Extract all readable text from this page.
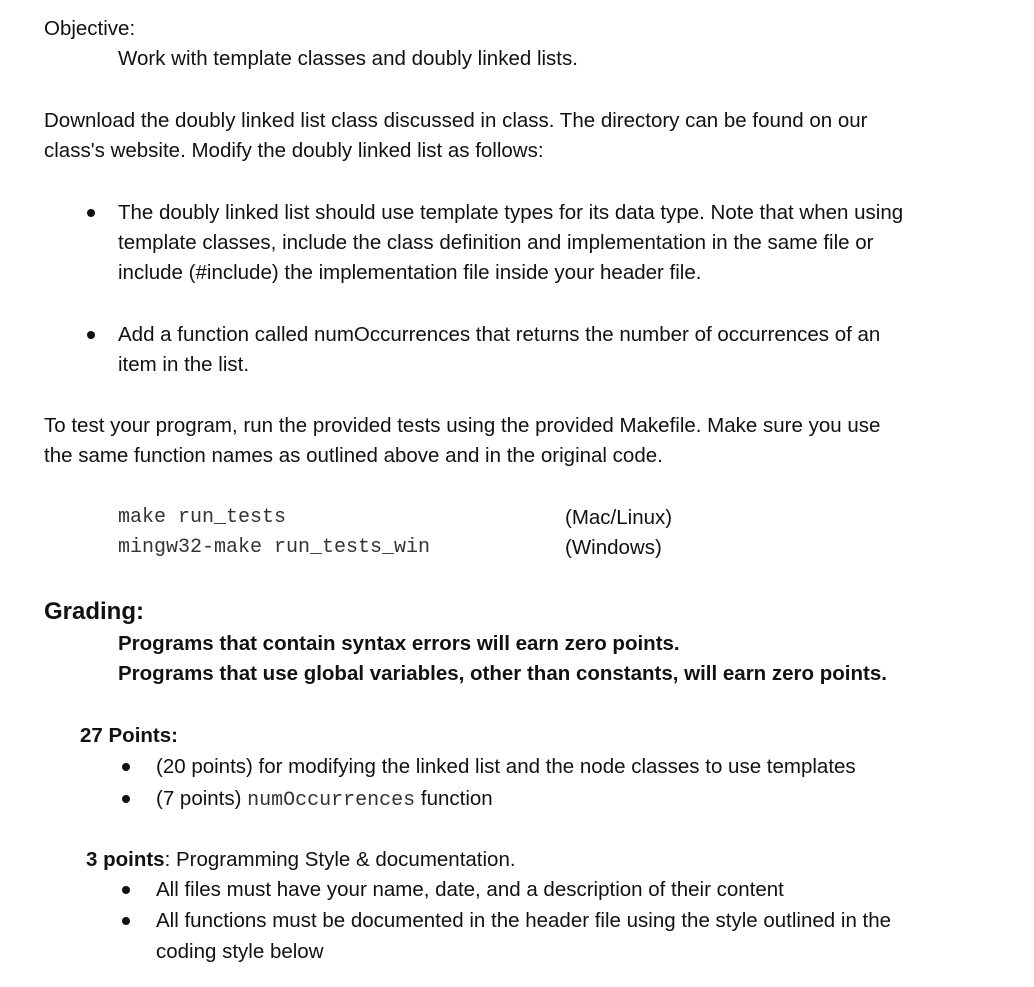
Objective:
Work with template classes and doubly linked lists.
Download the doubly linked list class discussed in class. The directory can be found on our
class's website. Modify the doubly linked list as follows:
The doubly linked list should use template types for its data type. Note that when using
template classes, include the class definition and implementation in the same file or
include (#include) the implementation file inside your header file.
Add a function called numOccurrences that returns the number of occurrences of an
item in the list.
To test your program, run the provided tests using the provided Makefile. Make sure you use
the same function names as outlined above and in the original code.
make run_tests	(Mac/Linux)
mingw32-make run_tests_win	(Windows)
Grading:
Programs that contain syntax errors will earn zero points.
Programs that use global variables, other than constants, will earn zero points.
27 Points:
(20 points) for modifying the linked list and the node classes to use templates
(7 points) numOccurrences function
3 points: Programming Style & documentation.
All files must have your name, date, and a description of their content
All functions must be documented in the header file using the style outlined in the
coding style below
